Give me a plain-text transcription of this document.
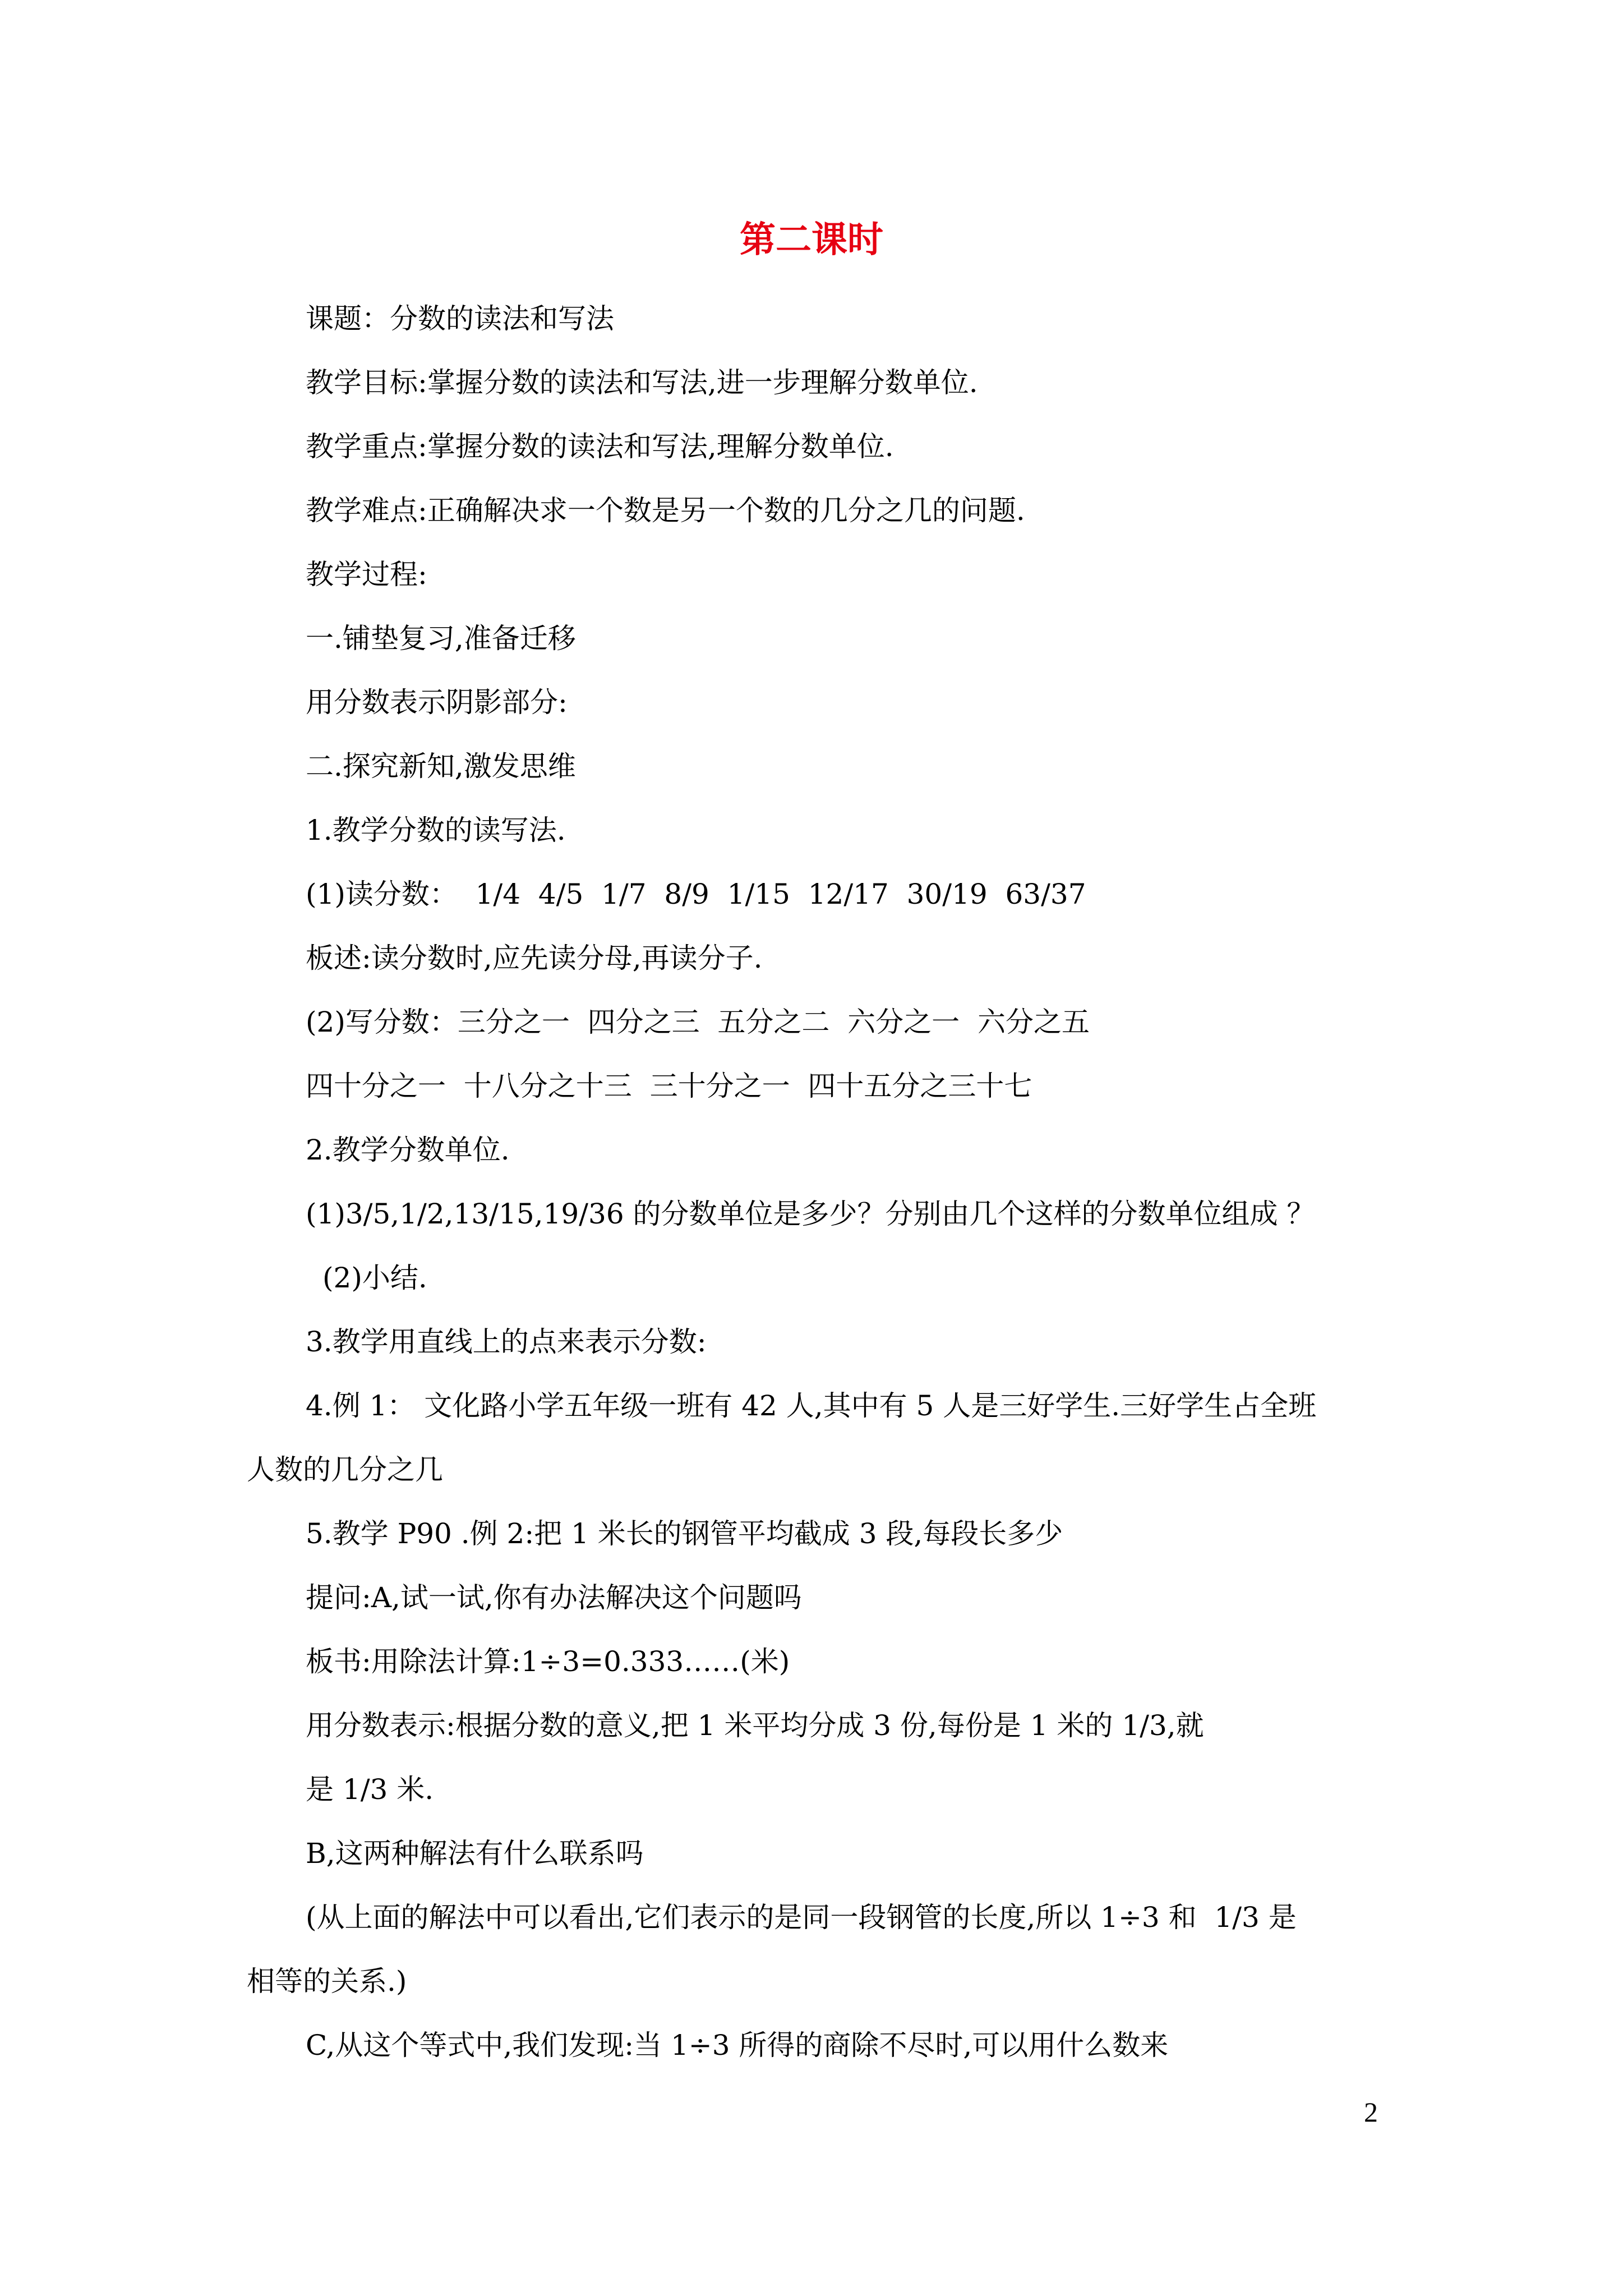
第二课时

课题：分数的读法和写法

教学目标:掌握分数的读法和写法,进一步理解分数单位.

教学重点:掌握分数的读法和写法,理解分数单位.

教学难点:正确解决求一个数是另一个数的几分之几的问题.

教学过程:

一.铺垫复习,准备迁移

用分数表示阴影部分:

二.探究新知,激发思维

1.教学分数的读写法.

(1)读分数：  1/4  4/5  1/7  8/9  1/15  12/17  30/19  63/37

板述:读分数时,应先读分母,再读分子.

(2)写分数：三分之一  四分之三  五分之二  六分之一  六分之五

四十分之一  十八分之十三  三十分之一  四十五分之三十七

2.教学分数单位.

(1)3/5,1/2,13/15,19/36 的分数单位是多少？分别由几个这样的分数单位组成 ？

(2)小结.

3.教学用直线上的点来表示分数:

4.例 1： 文化路小学五年级一班有 42 人,其中有 5 人是三好学生.三好学生占全班

人数的几分之几

5.教学 P90 .例 2:把 1 米长的钢管平均截成 3 段,每段长多少

提问:A,试一试,你有办法解决这个问题吗

板书:用除法计算:1÷3=0.333……(米)

用分数表示:根据分数的意义,把 1 米平均分成 3 份,每份是 1 米的 1/3,就

是 1/3 米.

B,这两种解法有什么联系吗

(从上面的解法中可以看出,它们表示的是同一段钢管的长度,所以 1÷3 和  1/3 是

相等的关系.)

C,从这个等式中,我们发现:当 1÷3 所得的商除不尽时,可以用什么数来

2
